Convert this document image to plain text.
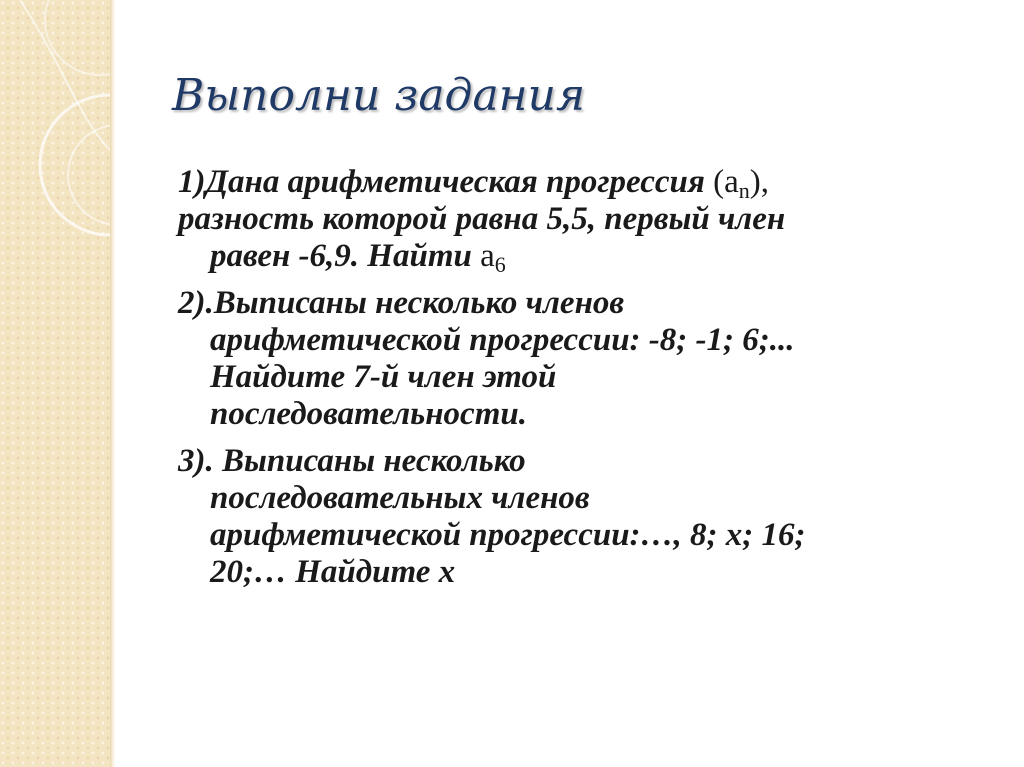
Выполни задания
1)Дана арифметическая прогрессия $(a_n)$,
разность которой равна 5,5, первый член
равен -6,9. Найти $a_6$
2).Выписаны несколько членов
арифметической прогрессии: -8; -1; 6;...
Найдите 7-й член этой
последовательности.
3). Выписаны несколько
последовательных членов
арифметической прогрессии:…, 8; x; 16;
20;… Найдите x
